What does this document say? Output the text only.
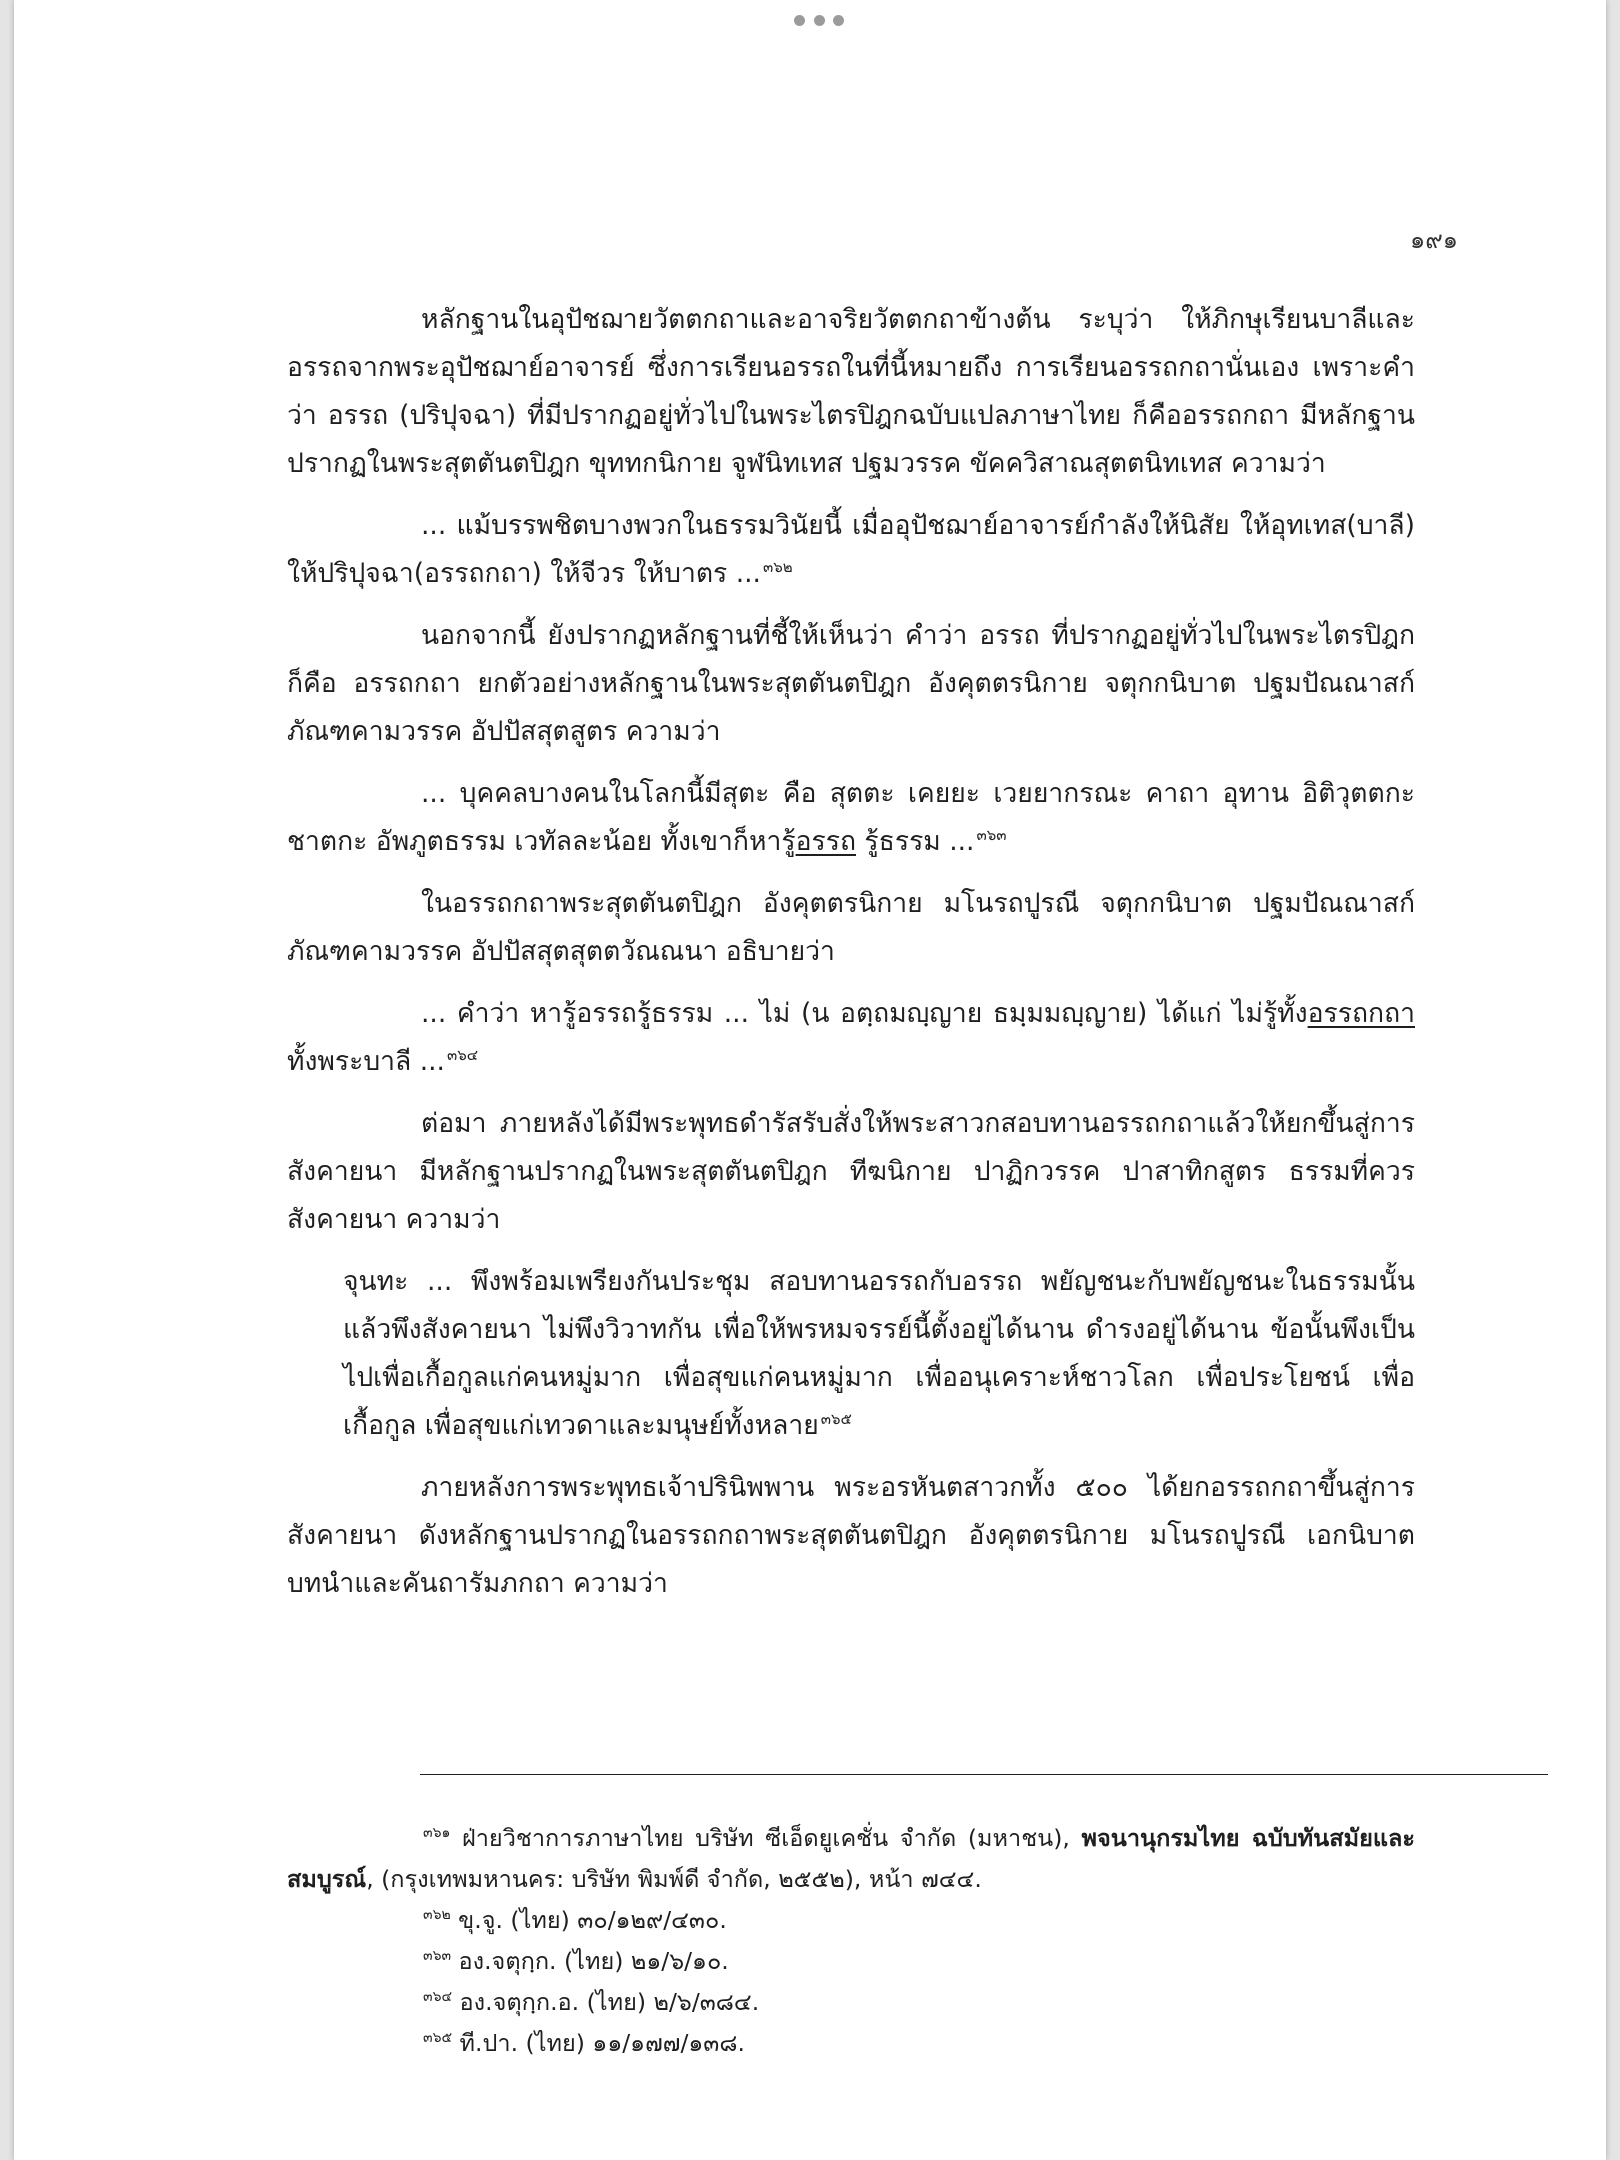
๑๙๑

หลักฐานในอุปัชฌายวัตตกถาและอาจริยวัตตกถาข้างต้น ระบุว่า ให้ภิกษุเรียนบาลีและอรรถจากพระอุปัชฌาย์อาจารย์ ซึ่งการเรียนอรรถในที่นี้หมายถึง การเรียนอรรถกถานั่นเอง เพราะคำว่า อรรถ (ปริปุจฉา) ที่มีปรากฏอยู่ทั่วไปในพระไตรปิฎกฉบับแปลภาษาไทย ก็คืออรรถกถา มีหลักฐานปรากฏในพระสุตตันตปิฎก ขุททกนิกาย จูฬนิทเทส ปฐมวรรค ขัคควิสาณสุตตนิทเทส ความว่า

... แม้บรรพชิตบางพวกในธรรมวินัยนี้ เมื่ออุปัชฌาย์อาจารย์กำลังให้นิสัย ให้อุทเทส(บาลี) ให้ปริปุจฉา(อรรถกถา) ให้จีวร ให้บาตร ... $^{๓๖๒}$

นอกจากนี้ ยังปรากฏหลักฐานที่ชี้ให้เห็นว่า คำว่า อรรถ ที่ปรากฏอยู่ทั่วไปในพระไตรปิฎก ก็คือ อรรถกถา ยกตัวอย่างหลักฐานในพระสุตตันตปิฎก อังคุตตรนิกาย จตุกกนิบาต ปฐมปัณณาสก์ ภัณฑคามวรรค อัปปัสสุตสูตร ความว่า

... บุคคลบางคนในโลกนี้มีสุตะ คือ สุตตะ เคยยะ เวยยากรณะ คาถา อุทาน อิติวุตตกะ ชาตกะ อัพภูตธรรม เวทัลละน้อย ทั้งเขาก็หารู้อรรถ รู้ธรรม ... $^{๓๖๓}$

ในอรรถกถาพระสุตตันตปิฎก อังคุตตรนิกาย มโนรถปูรณี จตุกกนิบาต ปฐมปัณณาสก์ ภัณฑคามวรรค อัปปัสสุตสุตตวัณณนา อธิบายว่า

... คำว่า หารู้อรรถรู้ธรรม ... ไม่ (น อตฺถมญฺญาย ธมฺมมญฺญาย) ได้แก่ ไม่รู้ทั้งอรรถกถาทั้งพระบาลี ... $^{๓๖๔}$

ต่อมา ภายหลังได้มีพระพุทธดำรัสรับสั่งให้พระสาวกสอบทานอรรถกถาแล้วให้ยกขึ้นสู่การสังคายนา มีหลักฐานปรากฏในพระสุตตันตปิฎก ทีฆนิกาย ปาฏิกวรรค ปาสาทิกสูตร ธรรมที่ควรสังคายนา ความว่า

จุนทะ ... พึงพร้อมเพรียงกันประชุม สอบทานอรรถกับอรรถ พยัญชนะกับพยัญชนะในธรรมนั้น แล้วพึงสังคายนา ไม่พึงวิวาทกัน เพื่อให้พรหมจรรย์นี้ตั้งอยู่ได้นาน ดำรงอยู่ได้นาน ข้อนั้นพึงเป็นไปเพื่อเกื้อกูลแก่คนหมู่มาก เพื่อสุขแก่คนหมู่มาก เพื่ออนุเคราะห์ชาวโลก เพื่อประโยชน์ เพื่อเกื้อกูล เพื่อสุขแก่เทวดาและมนุษย์ทั้งหลาย $^{๓๖๕}$

ภายหลังการพระพุทธเจ้าปรินิพพาน พระอรหันตสาวกทั้ง ๕๐๐ ได้ยกอรรถกถาขึ้นสู่การสังคายนา ดังหลักฐานปรากฏในอรรถกถาพระสุตตันตปิฎก อังคุตตรนิกาย มโนรถปูรณี เอกนิบาต บทนำและคันถารัมภกถา ความว่า

$^{๓๖๑}$ ฝ่ายวิชาการภาษาไทย บริษัท ซีเอ็ดยูเคชั่น จำกัด (มหาชน), พจนานุกรมไทย ฉบับทันสมัยและสมบูรณ์, (กรุงเทพมหานคร: บริษัท พิมพ์ดี จำกัด, ๒๕๕๒), หน้า ๗๔๔.

$^{๓๖๒}$ ขุ.จู. (ไทย) ๓๐/๑๒๙/๔๓๐.

$^{๓๖๓}$ อง.จตุกฺก. (ไทย) ๒๑/๖/๑๐.

$^{๓๖๔}$ อง.จตุกฺก.อ. (ไทย) ๒/๖/๓๘๔.

$^{๓๖๕}$ ที.ปา. (ไทย) ๑๑/๑๗๗/๑๓๘.
